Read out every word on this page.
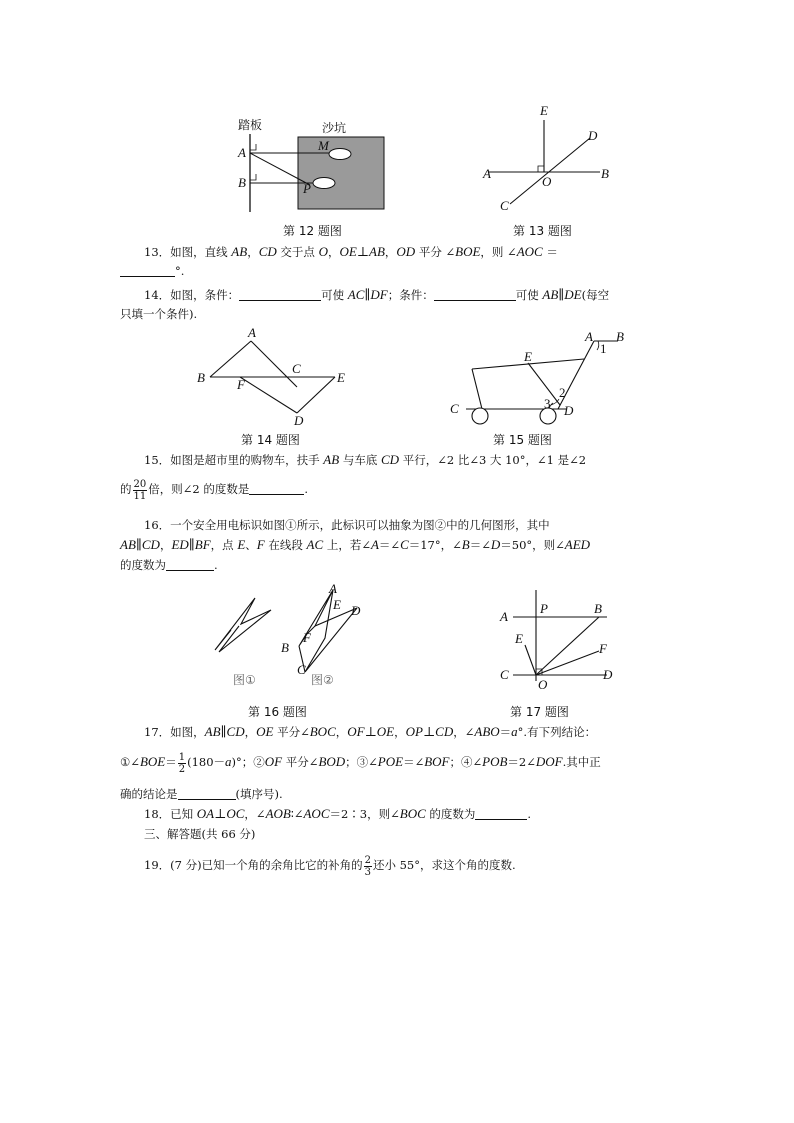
踏板	沙坑
A
B
M
P
第 12 题图
E
D
A
O
B
C
第 13 题图
13．如图，直线 AB，CD 交于点 O，OE⊥AB，OD 平分 ∠BOE，则 ∠AOC ＝
°.
14．如图，条件：	可使 AC∥DF；条件：	可使 AB∥DE(每空
只填一个条件).
A
B
C
E
F
D
第 14 题图
A B
E
C	D
1
2
3
第 15 题图
15．如图是超市里的购物车，扶手 AB 与车底 CD 平行，∠2 比∠3 大 10°，∠1 是∠2
的 $\frac{20}{11}$ 倍，则∠2 的度数是	.
16．一个安全用电标识如图①所示，此标识可以抽象为图②中的几何图形，其中
AB∥CD，ED∥BF，点 E、F 在线段 AC 上，若∠A＝∠C＝17°，∠B＝∠D＝50°，则∠AED
的度数为	.
A
E D
B
F
C
图①	图②
第 16 题图
A
P	B
E
F
C
O
D
第 17 题图
17．如图，AB∥CD，OE 平分∠BOC，OF⊥OE，OP⊥CD，∠ABO＝a°.有下列结论：
①∠BOE＝ $\frac{1}{2} (180-a)^\circ$；②OF 平分∠BOD；③∠POE＝∠BOF；④∠POB＝2∠DOF.其中正
确的结论是	(填序号).
18．已知 OA⊥OC，∠AOB∶∠AOC＝2∶3，则∠BOC 的度数为	.
三、解答题(共 66 分)
19．(7 分)已知一个角的余角比它的补角的 $\frac{2}{3}$ 还小 55°，求这个角的度数.
